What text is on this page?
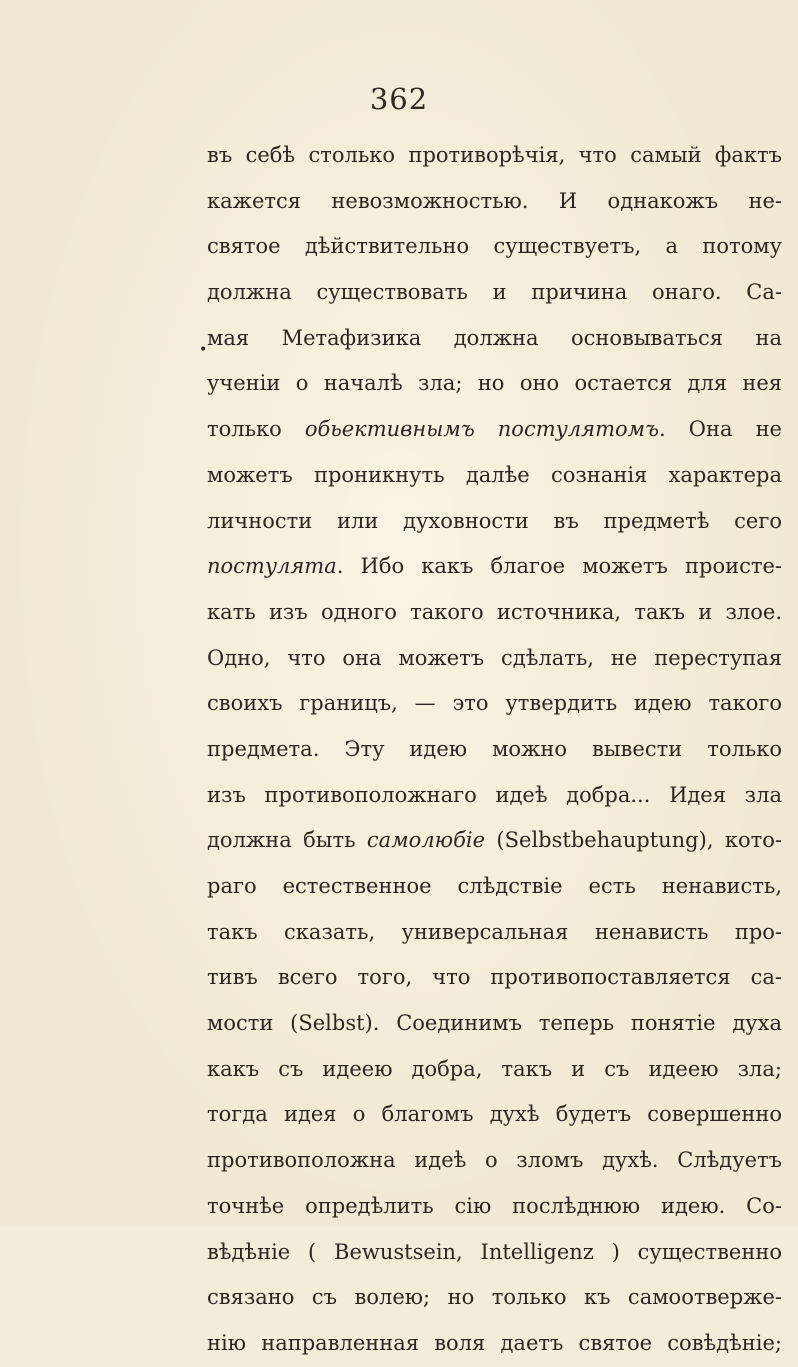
362
•
въ себѣ столько противорѣчія, что самый фактъ
кажется невозможностью. И однакожъ не-
святое дѣйствительно существуетъ, а потому
должна существовать и причина онаго. Са-
мая Метафизика должна основываться на
ученіи о началѣ зла; но оно остается для нея
только обьективнымъ постулятомъ. Она не
можетъ проникнуть далѣе сознанія характера
личности или духовности въ предметѣ сего
постулята. Ибо какъ благое можетъ проистe-
кать изъ одного такого источника, такъ и злое.
Одно, что она можетъ сдѣлать, не переступая
своихъ границъ, — это утвердить идею такого
предмета. Эту идею можно вывести только
изъ противоположнаго идеѣ добра... Идея зла
должна быть самолюбіе (Selbstbehauptung), кото-
раго естественное слѣдствіе есть ненависть,
такъ сказать, универсальная ненависть про-
тивъ всего того, что противопоставляется са-
мости (Selbst). Соединимъ теперь понятіе духа
какъ съ идеею добра, такъ и съ идеею зла;
тогда идея о благомъ духѣ будетъ совершенно
противоположна идеѣ о зломъ духѣ. Слѣдуетъ
точнѣе опредѣлить сію послѣднюю идею. Со-
вѣдѣніе ( Bewustsein, Intelligenz ) существенно
связано съ волею; но только къ самоотверже-
нію направленная воля даетъ святое совѣдѣніе;
